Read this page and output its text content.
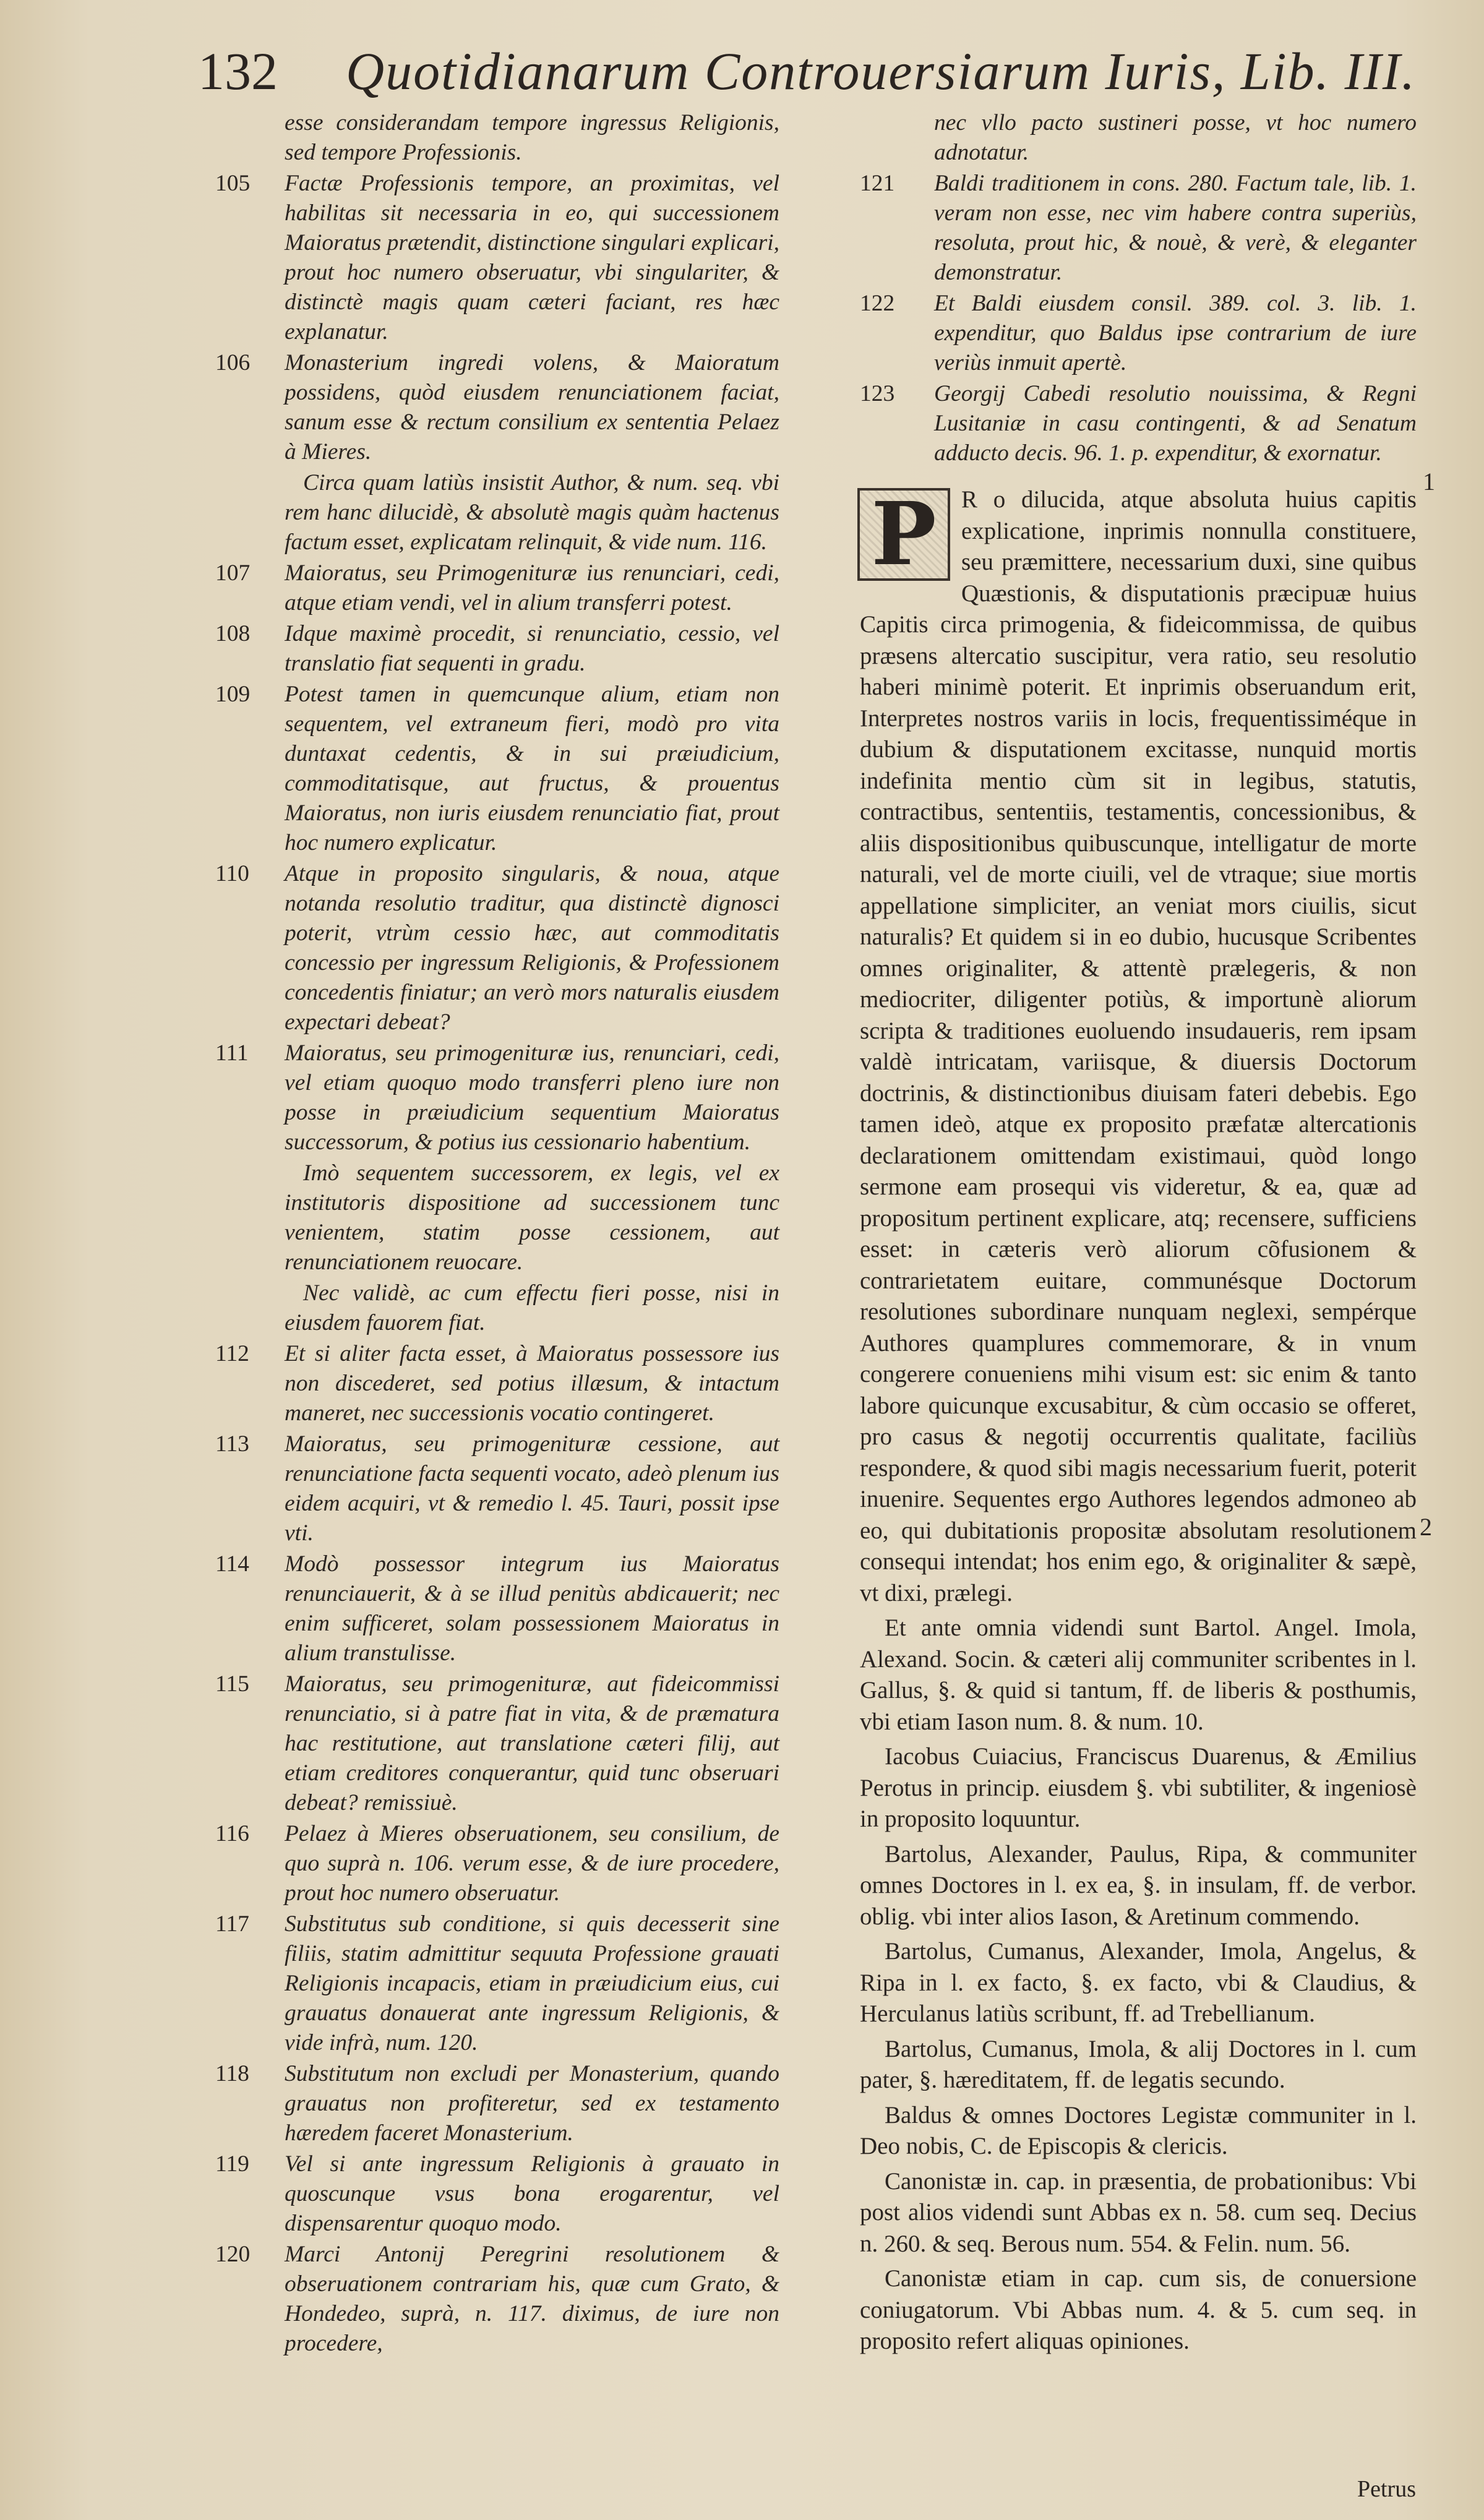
132 Quotidianarum Controuersiarum Iuris, Lib. III.
esse considerandam tempore ingressus Religionis, sed tempore Professionis.
105 Factæ Professionis tempore, an proximitas, vel habilitas sit necessaria in eo, qui successionem Maioratus prætendit, distinctione singulari explicari, prout hoc numero obseruatur, vbi singulariter, & distinctè magis quam cæteri faciant, res hæc explanatur.
106 Monasterium ingredi volens, & Maioratum possidens, quòd eiusdem renunciationem faciat, sanum esse & rectum consilium ex sententia Pelaez à Mieres.
Circa quam latiùs insistit Author, & num. seq. vbi rem hanc dilucidè, & absolutè magis quàm hactenus factum esset, explicatam relinquit, & vide num. 116.
107 Maioratus, seu Primogenituræ ius renunciari, cedi, atque etiam vendi, vel in alium transferri potest.
108 Idque maximè procedit, si renunciatio, cessio, vel translatio fiat sequenti in gradu.
109 Potest tamen in quemcunque alium, etiam non sequentem, vel extraneum fieri, modò pro vita duntaxat cedentis, & in sui præiudicium, commoditatisque, aut fructus, & prouentus Maioratus, non iuris eiusdem renunciatio fiat, prout hoc numero explicatur.
110 Atque in proposito singularis, & noua, atque notanda resolutio traditur, qua distinctè dignosci poterit, vtrùm cessio hæc, aut commoditatis concessio per ingressum Religionis, & Professionem concedentis finiatur; an verò mors naturalis eiusdem expectari debeat?
111 Maioratus, seu primogenituræ ius, renunciari, cedi, vel etiam quoquo modo transferri pleno iure non posse in præiudicium sequentium Maioratus successorum, & potius ius cessionario habentium.
Imò sequentem successorem, ex legis, vel ex institutoris dispositione ad successionem tunc venientem, statim posse cessionem, aut renunciationem reuocare.
Nec validè, ac cum effectu fieri posse, nisi in eiusdem fauorem fiat.
112 Et si aliter facta esset, à Maioratus possessore ius non discederet, sed potius illæsum, & intactum maneret, nec successionis vocatio contingeret.
113 Maioratus, seu primogenituræ cessione, aut renunciatione facta sequenti vocato, adeò plenum ius eidem acquiri, vt & remedio l. 45. Tauri, possit ipse vti.
114 Modò possessor integrum ius Maioratus renunciauerit, & à se illud penitùs abdicauerit; nec enim sufficeret, solam possessionem Maioratus in alium transtulisse.
115 Maioratus, seu primogenituræ, aut fideicommissi renunciatio, si à patre fiat in vita, & de præmatura hac restitutione, aut translatione cæteri filij, aut etiam creditores conquerantur, quid tunc obseruari debeat? remissiuè.
116 Pelaez à Mieres obseruationem, seu consilium, de quo suprà n. 106. verum esse, & de iure procedere, prout hoc numero obseruatur.
117 Substitutus sub conditione, si quis decesserit sine filiis, statim admittitur sequuta Professione grauati Religionis incapacis, etiam in præiudicium eius, cui grauatus donauerat ante ingressum Religionis, & vide infrà, num. 120.
118 Substitutum non excludi per Monasterium, quando grauatus non profiteretur, sed ex testamento hæredem faceret Monasterium.
119 Vel si ante ingressum Religionis à grauato in quoscunque vsus bona erogarentur, vel dispensarentur quoquo modo.
120 Marci Antonij Peregrini resolutionem & obseruationem contrariam his, quæ cum Grato, & Hondedeo, suprà, n. 117. diximus, de iure non procedere,
nec vllo pacto sustineri posse, vt hoc numero adnotatur.
121 Baldi traditionem in cons. 280. Factum tale, lib. 1. veram non esse, nec vim habere contra superiùs, resoluta, prout hic, & nouè, & verè, & eleganter demonstratur.
122 Et Baldi eiusdem consil. 389. col. 3. lib. 1. expenditur, quo Baldus ipse contrarium de iure veriùs inmuit apertè.
123 Georgij Cabedi resolutio nouissima, & Regni Lusitaniæ in casu contingenti, & ad Senatum adducto decis. 96. 1. p. expenditur, & exornatur.

P	R o dilucida, atque absoluta huius capitis explicatione, inprimis nonnulla constituere, seu præmittere, necessarium duxi, sine quibus Quæstionis, & disputationis præcipuæ huius Capitis circa primogenia, & fideicommissa, de quibus præsens altercatio suscipitur, vera ratio, seu resolutio haberi minimè poterit. Et inprimis obseruandum erit, Interpretes nostros variis in locis, frequentissiméque in dubium & disputationem excitasse, nunquid mortis indefinita mentio cùm sit in legibus, statutis, contractibus, sententiis, testamentis, concessionibus, & aliis dispositionibus quibuscunque, intelligatur de morte naturali, vel de morte ciuili, vel de vtraque; siue mortis appellatione simpliciter, an veniat mors ciuilis, sicut naturalis? Et quidem si in eo dubio, hucusque Scribentes omnes originaliter, & attentè prælegeris, & non mediocriter, diligenter potiùs, & importunè aliorum scripta & traditiones euoluendo insudaueris, rem ipsam valdè intricatam, variisque, & diuersis Doctorum doctrinis, & distinctionibus diuisam fateri debebis. Ego tamen ideò, atque ex proposito præfatæ altercationis declarationem omittendam existimaui, quòd longo sermone eam prosequi vis videretur, & ea, quæ ad propositum pertinent explicare, atq; recensere, sufficiens esset: in cæteris verò aliorum cõfusionem & contrarietatem euitare, communésque Doctorum resolutiones subordinare nunquam neglexi, sempérque Authores quamplures commemorare, & in vnum congerere conueniens mihi visum est: sic enim & tanto labore quicunque excusabitur, & cùm occasio se offeret, pro casus & negotij occurrentis qualitate, faciliùs respondere, & quod sibi magis necessarium fuerit, poterit inuenire. Sequentes ergo Authores legendos admoneo ab eo, qui dubitationis propositæ absolutam resolutionem consequi intendat; hos enim ego, & originaliter & sæpè, vt dixi, prælegi.

Et ante omnia videndi sunt Bartol. Angel. Imola, Alexand. Socin. & cæteri alij communiter scribentes in l. Gallus, §. & quid si tantum, ff. de liberis & posthumis, vbi etiam Iason num. 8. & num. 10.

Iacobus Cuiacius, Franciscus Duarenus, & Æmilius Perotus in princip. eiusdem §. vbi subtiliter, & ingeniosè in proposito loquuntur.

Bartolus, Alexander, Paulus, Ripa, & communiter omnes Doctores in l. ex ea, §. in insulam, ff. de verbor. oblig. vbi inter alios Iason, & Aretinum commendo.

Bartolus, Cumanus, Alexander, Imola, Angelus, & Ripa in l. ex facto, §. ex facto, vbi & Claudius, & Herculanus latiùs scribunt, ff. ad Trebellianum.

Bartolus, Cumanus, Imola, & alij Doctores in l. cum pater, §. hæreditatem, ff. de legatis secundo.

Baldus & omnes Doctores Legistæ communiter in l. Deo nobis, C. de Episcopis & clericis.

Canonistæ in. cap. in præsentia, de probationibus: Vbi post alios videndi sunt Abbas ex n. 58. cum seq. Decius n. 260. & seq. Berous num. 554. & Felin. num. 56.

Canonistæ etiam in cap. cum sis, de conuersione coniugatorum. Vbi Abbas num. 4. & 5. cum seq. in proposito refert aliquas opiniones.

1
2
Petrus
